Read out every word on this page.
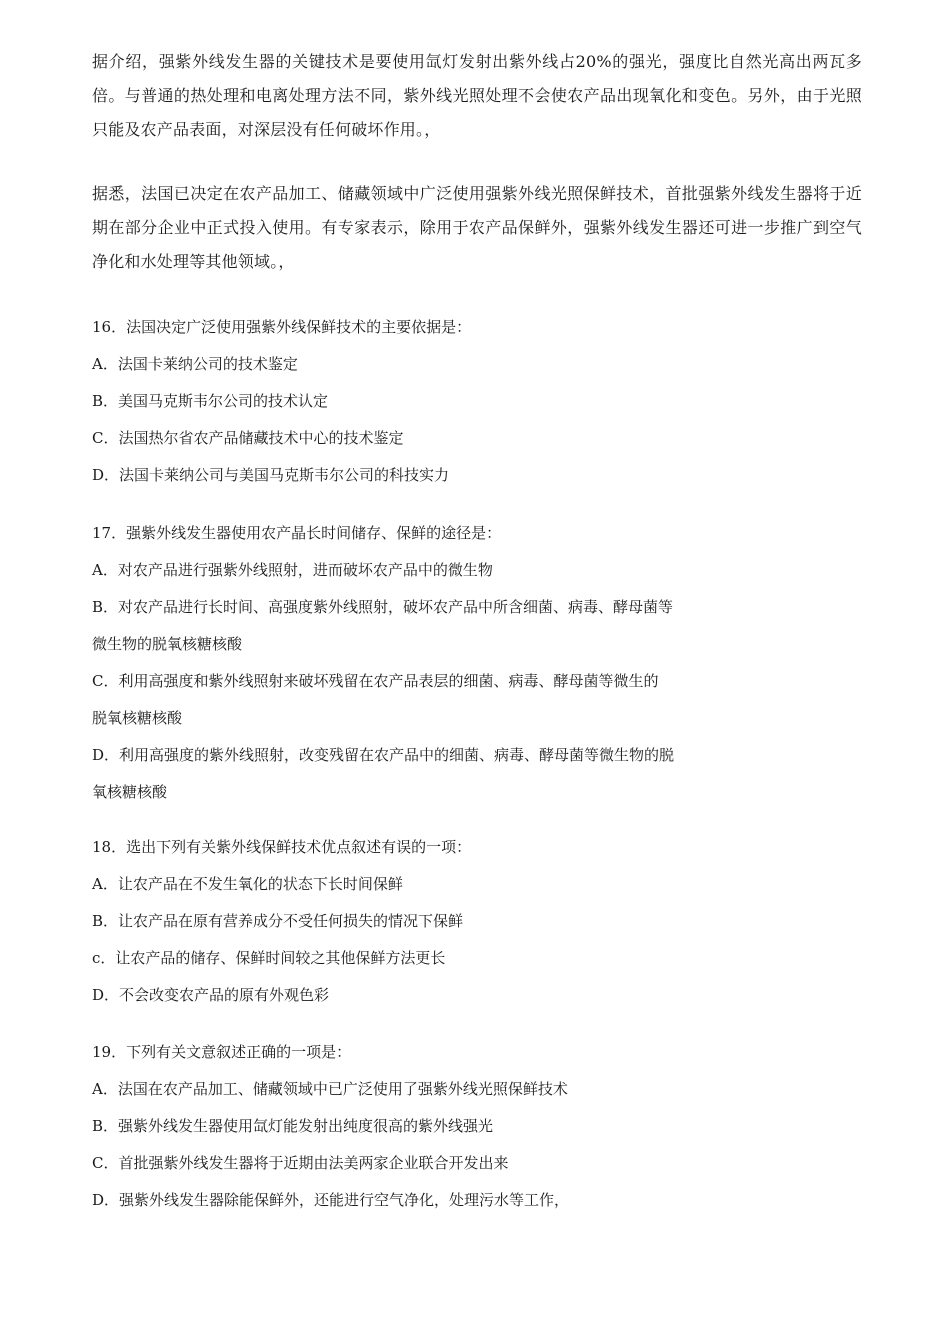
据介绍，强紫外线发生器的关键技术是要使用氙灯发射出紫外线占20%的强光，强度比自然光高出两瓦多倍。与普通的热处理和电离处理方法不同，紫外线光照处理不会使农产品出现氧化和变色。另外，由于光照只能及农产品表面，对深层没有任何破坏作用。，

据悉，法国已决定在农产品加工、储藏领域中广泛使用强紫外线光照保鲜技术，首批强紫外线发生器将于近期在部分企业中正式投入使用。有专家表示，除用于农产品保鲜外，强紫外线发生器还可进一步推广到空气净化和水处理等其他领域。，

16．法国决定广泛使用强紫外线保鲜技术的主要依据是：
A．法国卡莱纳公司的技术鉴定
B．美国马克斯韦尔公司的技术认定
C．法国热尔省农产品储藏技术中心的技术鉴定
D．法国卡莱纳公司与美国马克斯韦尔公司的科技实力
17．强紫外线发生器使用农产晶长时间储存、保鲜的途径是：
A．对农产品进行强紫外线照射，进而破坏农产品中的微生物
B．对农产品进行长时间、高强度紫外线照射，破坏农产品中所含细菌、病毒、酵母菌等
微生物的脱氧核糖核酸
C．利用高强度和紫外线照射来破坏残留在农产品表层的细菌、病毒、酵母菌等微生的
脱氧核糖核酸
D．利用高强度的紫外线照射，改变残留在农产品中的细菌、病毒、酵母菌等微生物的脱
氧核糖核酸
18．选出下列有关紫外线保鲜技术优点叙述有误的一项：
A．让农产品在不发生氧化的状态下长时间保鲜
B．让农产品在原有营养成分不受任何损失的情况下保鲜
c．让农产品的储存、保鲜时间较之其他保鲜方法更长
D．不会改变农产品的原有外观色彩
19．下列有关文意叙述正确的一项是：
A．法国在农产品加工、储藏领域中已广泛使用了强紫外线光照保鲜技术
B．强紫外线发生器使用氙灯能发射出纯度很高的紫外线强光
C．首批强紫外线发生器将于近期由法美两家企业联合开发出来
D．强紫外线发生器除能保鲜外，还能进行空气净化，处理污水等工作，
